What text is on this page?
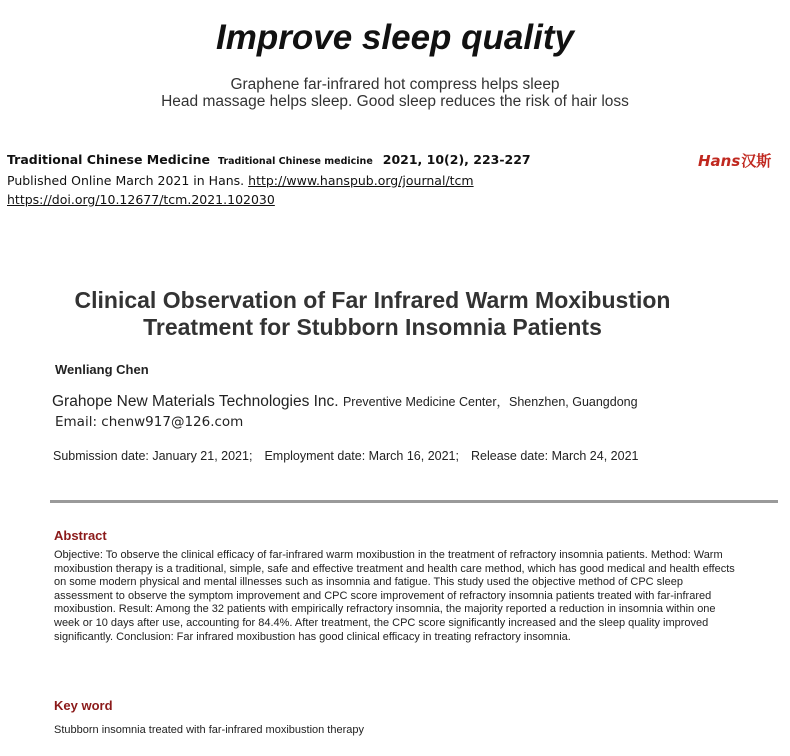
Improve sleep quality
Graphene far-infrared hot compress helps sleep
Head massage helps sleep. Good sleep reduces the risk of hair loss
Traditional Chinese Medicine Traditional Chinese medicine 2021, 10(2), 223-227
Published Online March 2021 in Hans. http://www.hanspub.org/journal/tcm
https://doi.org/10.12677/tcm.2021.102030
Hans汉斯
Clinical Observation of Far Infrared Warm Moxibustion
Treatment for Stubborn Insomnia Patients
Wenliang Chen
Grahope New Materials Technologies Inc. Preventive Medicine Center，Shenzhen, Guangdong
Email: chenw917@126.com
Submission date: January 21, 2021; Employment date: March 16, 2021; Release date: March 24, 2021
Abstract

Objective: To observe the clinical efficacy of far-infrared warm moxibustion in the treatment of refractory insomnia patients. Method: Warm moxibustion therapy is a traditional, simple, safe and effective treatment and health care method, which has good medical and health effects on some modern physical and mental illnesses such as insomnia and fatigue. This study used the objective method of CPC sleep assessment to observe the symptom improvement and CPC score improvement of refractory insomnia patients treated with far-infrared moxibustion. Result: Among the 32 patients with empirically refractory insomnia, the majority reported a reduction in insomnia within one week or 10 days after use, accounting for 84.4%. After treatment, the CPC score significantly increased and the sleep quality improved significantly. Conclusion: Far infrared moxibustion has good clinical efficacy in treating refractory insomnia.

Key word
Stubborn insomnia treated with far-infrared moxibustion therapy
